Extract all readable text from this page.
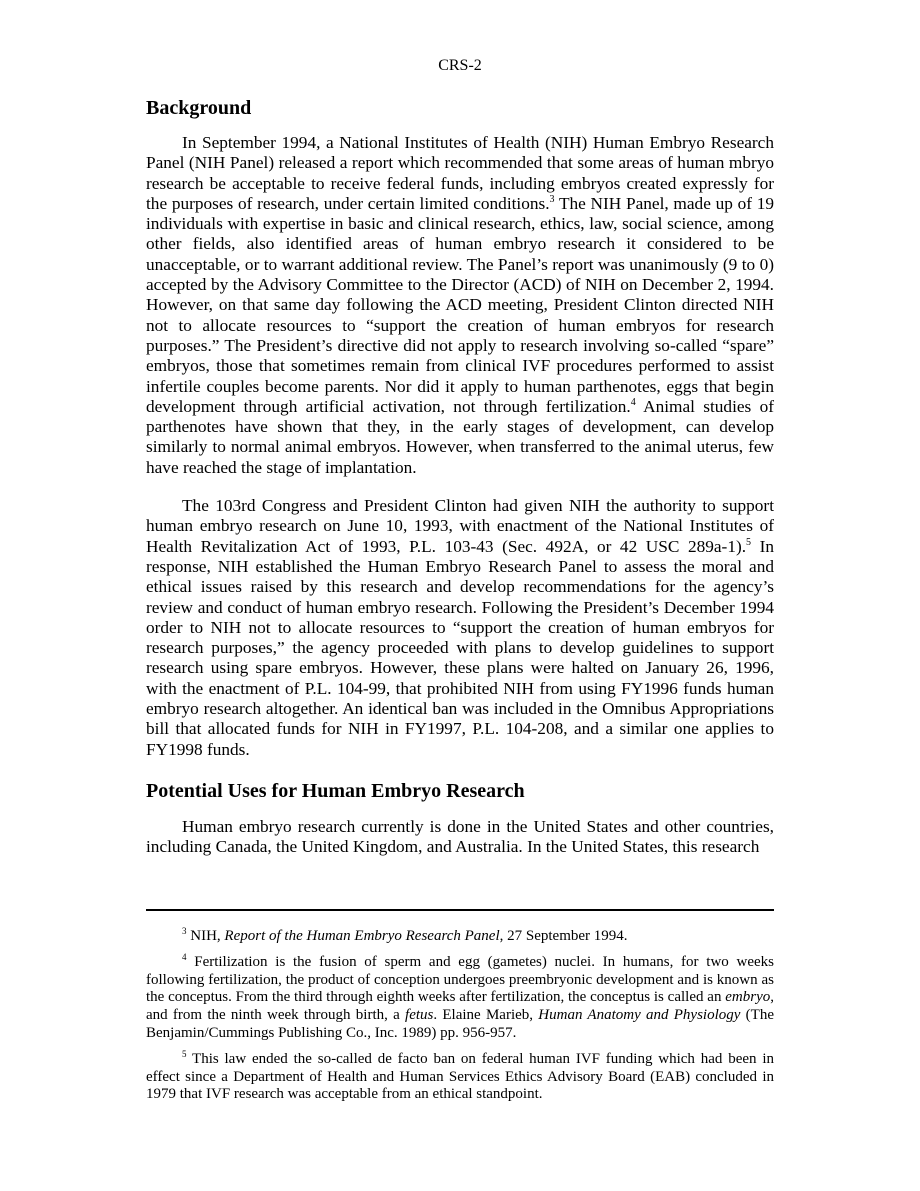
CRS-2
Background

In September 1994, a National Institutes of Health (NIH) Human Embryo Research Panel (NIH Panel) released a report which recommended that some areas of human mbryo research be acceptable to receive federal funds, including embryos created expressly for the purposes of research, under certain limited conditions.$^3$ The NIH Panel, made up of 19 individuals with expertise in basic and clinical research, ethics, law, social science, among other fields, also identified areas of human embryo research it considered to be unacceptable, or to warrant additional review. The Panel’s report was unanimously (9 to 0) accepted by the Advisory Committee to the Director (ACD) of NIH on December 2, 1994. However, on that same day following the ACD meeting, President Clinton directed NIH not to allocate resources to “support the creation of human embryos for research purposes.” The President’s directive did not apply to research involving so-called “spare” embryos, those that sometimes remain from clinical IVF procedures performed to assist infertile couples become parents. Nor did it apply to human parthenotes, eggs that begin development through artificial activation, not through fertilization.$^4$ Animal studies of parthenotes have shown that they, in the early stages of development, can develop similarly to normal animal embryos. However, when transferred to the animal uterus, few have reached the stage of implantation.

The 103rd Congress and President Clinton had given NIH the authority to support human embryo research on June 10, 1993, with enactment of the National Institutes of Health Revitalization Act of 1993, P.L. 103-43 (Sec. 492A, or 42 USC 289a-1).$^5$ In response, NIH established the Human Embryo Research Panel to assess the moral and ethical issues raised by this research and develop recommendations for the agency’s review and conduct of human embryo research. Following the President’s December 1994 order to NIH not to allocate resources to “support the creation of human embryos for research purposes,” the agency proceeded with plans to develop guidelines to support research using spare embryos. However, these plans were halted on January 26, 1996, with the enactment of P.L. 104-99, that prohibited NIH from using FY1996 funds human embryo research altogether. An identical ban was included in the Omnibus Appropriations bill that allocated funds for NIH in FY1997, P.L. 104-208, and a similar one applies to FY1998 funds.

Potential Uses for Human Embryo Research

Human embryo research currently is done in the United States and other countries, including Canada, the United Kingdom, and Australia. In the United States, this research

$^3$ NIH, Report of the Human Embryo Research Panel, 27 September 1994.

$^4$ Fertilization is the fusion of sperm and egg (gametes) nuclei. In humans, for two weeks following fertilization, the product of conception undergoes preembryonic development and is known as the conceptus. From the third through eighth weeks after fertilization, the conceptus is called an embryo, and from the ninth week through birth, a fetus. Elaine Marieb, Human Anatomy and Physiology (The Benjamin/Cummings Publishing Co., Inc. 1989) pp. 956-957.

$^5$ This law ended the so-called de facto ban on federal human IVF funding which had been in effect since a Department of Health and Human Services Ethics Advisory Board (EAB) concluded in 1979 that IVF research was acceptable from an ethical standpoint.
